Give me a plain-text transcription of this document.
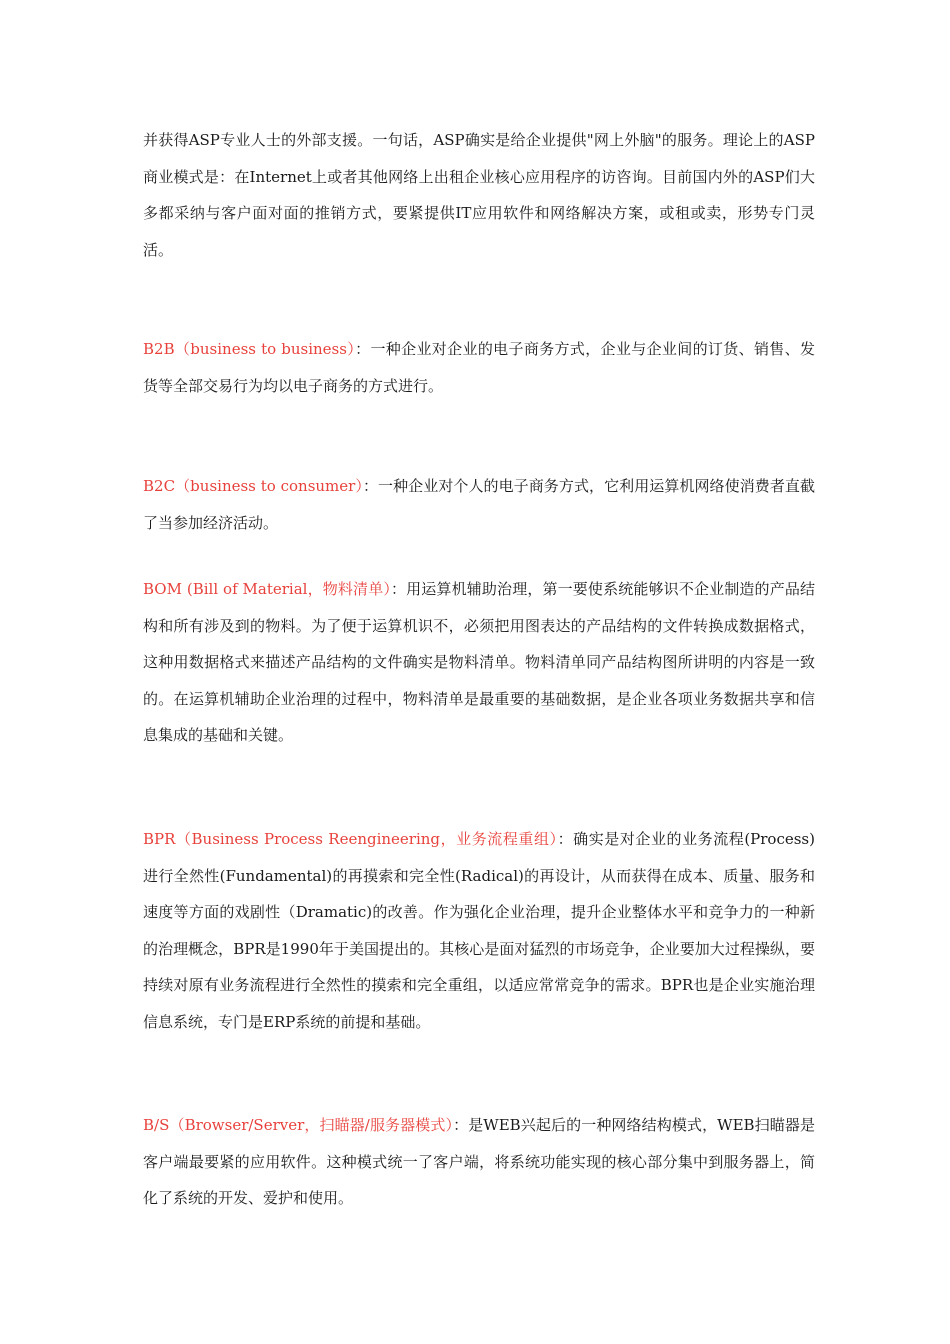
并获得ASP专业人士的外部支援。一句话，ASP确实是给企业提供"网上外脑"的服务。理论上的ASP商业模式是：在Internet上或者其他网络上出租企业核心应用程序的访咨询。目前国内外的ASP们大多都采纳与客户面对面的推销方式，要紧提供IT应用软件和网络解决方案，或租或卖，形势专门灵活。

B2B（business to business）：一种企业对企业的电子商务方式，企业与企业间的订货、销售、发货等全部交易行为均以电子商务的方式进行。

B2C（business to consumer）：一种企业对个人的电子商务方式，它利用运算机网络使消费者直截了当参加经济活动。

BOM (Bill of Material，物料清单）：用运算机辅助治理，第一要使系统能够识不企业制造的产品结构和所有涉及到的物料。为了便于运算机识不，必须把用图表达的产品结构的文件转换成数据格式，这种用数据格式来描述产品结构的文件确实是物料清单。物料清单同产品结构图所讲明的内容是一致的。在运算机辅助企业治理的过程中，物料清单是最重要的基础数据，是企业各项业务数据共享和信息集成的基础和关键。

BPR（Business Process Reengineering，业务流程重组）：确实是对企业的业务流程(Process)进行全然性(Fundamental)的再摸索和完全性(Radical)的再设计，从而获得在成本、质量、服务和速度等方面的戏剧性（Dramatic)的改善。作为强化企业治理，提升企业整体水平和竞争力的一种新的治理概念，BPR是1990年于美国提出的。其核心是面对猛烈的市场竞争，企业要加大过程操纵，要持续对原有业务流程进行全然性的摸索和完全重组，以适应常常竞争的需求。BPR也是企业实施治理信息系统，专门是ERP系统的前提和基础。

B/S（Browser/Server，扫瞄器/服务器模式）：是WEB兴起后的一种网络结构模式，WEB扫瞄器是客户端最要紧的应用软件。这种模式统一了客户端，将系统功能实现的核心部分集中到服务器上，简化了系统的开发、爱护和使用。
